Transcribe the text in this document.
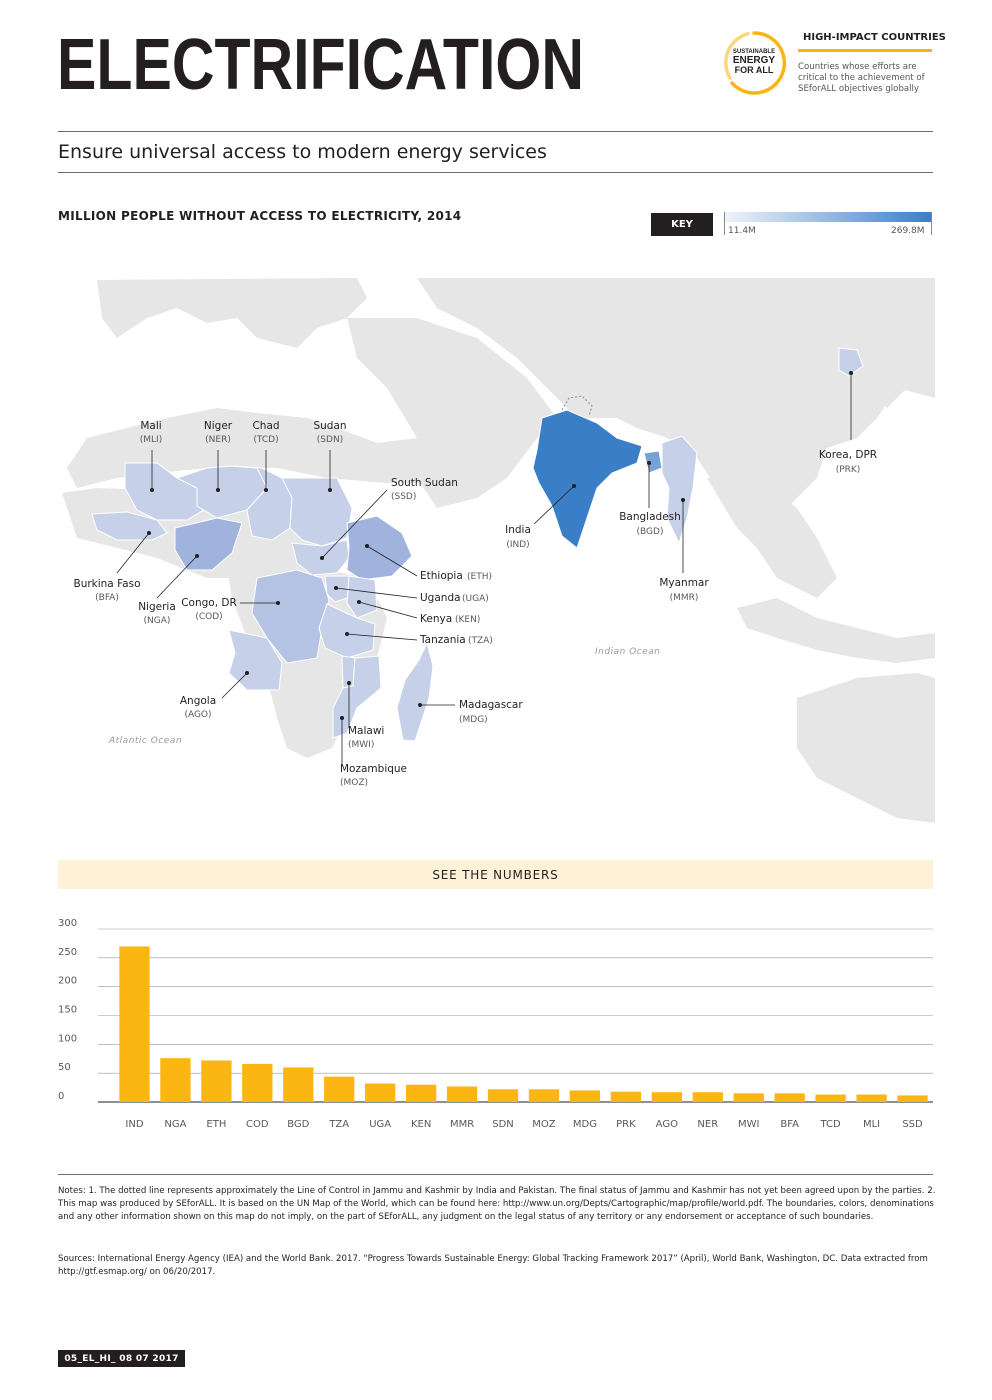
ELECTRIFICATION	SUSTAINABLE
ENERGY
FOR ALL
HIGH-IMPACT COUNTRIES
Countries whose efforts are critical to the achievement of SEforALL objectives globally
Ensure universal access to modern energy services
MILLION PEOPLE WITHOUT ACCESS TO ELECTRICITY, 2014
KEY
11.4M	269.8M
Atlantic Ocean
Indian Ocean
Mali
(MLI)
Niger
(NER)
Chad
(TCD)
Sudan
(SDN)
South Sudan
(SSD)
Burkina Faso
(BFA)
Nigeria
(NGA)
Congo, DR
(COD)
Ethiopia (ETH)
Uganda (UGA)
Kenya (KEN)
Tanzania (TZA)
Angola
(AGO)
Malawi
(MWI)
Mozambique
(MOZ)
Madagascar
(MDG)
India
(IND)
Bangladesh
(BGD)
Myanmar
(MMR)
Korea, DPR
(PRK)
SEE THE NUMBERS
0
50
100
150
200
250
300
IND NGA ETH COD BGD TZA UGA KEN MMR SDN MOZ MDG PRK AGO NER MWI BFA TCD MLI SSD

Notes: 1. The dotted line represents approximately the Line of Control in Jammu and Kashmir by India and Pakistan. The final status of Jammu and Kashmir has not yet been agreed upon by the parties. 2. This map was produced by SEforALL. It is based on the UN Map of the World, which can be found here: http://www.un.org/Depts/Cartographic/map/profile/world.pdf. The boundaries, colors, denominations and any other information shown on this map do not imply, on the part of SEforALL, any judgment on the legal status of any territory or any endorsement or acceptance of such boundaries.

Sources: International Energy Agency (IEA) and the World Bank. 2017. “Progress Towards Sustainable Energy: Global Tracking Framework 2017” (April), World Bank, Washington, DC. Data extracted from http://gtf.esmap.org/ on 06/20/2017.

05_EL_HI_ 08 07 2017
